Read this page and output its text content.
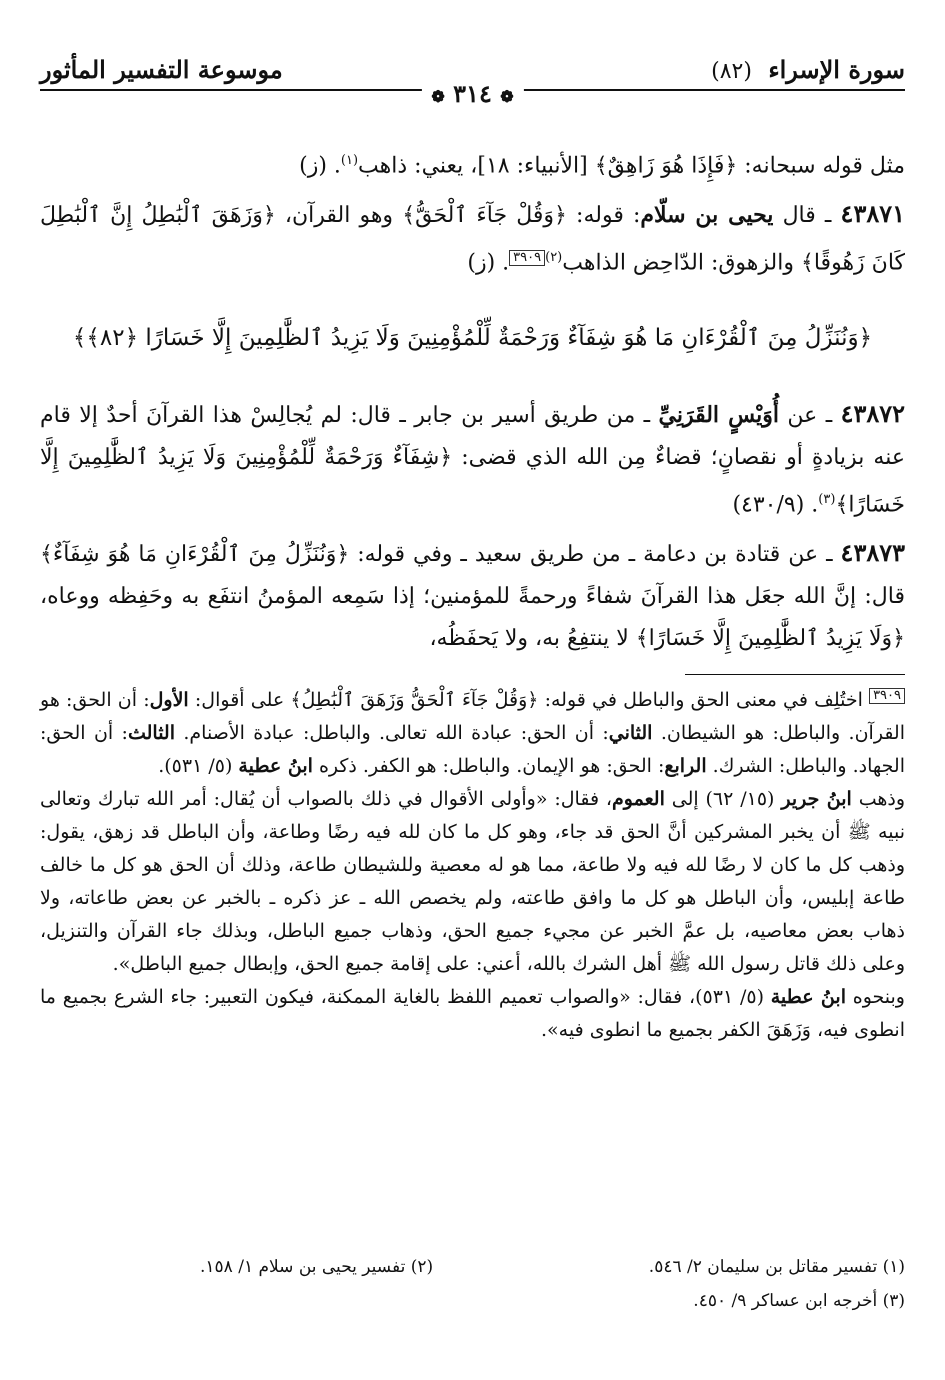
سورة الإسراء (٨٢)
موسوعة التفسير المأثور
❁ ٣١٤ ❁

مثل قوله سبحانه: ﴿فَإِذَا هُوَ زَاهِقٌ﴾ [الأنبياء: ١٨]، يعني: ذاهب$^{(١)}$. (ز)

٤٣٨٧١ ـ قال يحيى بن سلّام: قوله: ﴿وَقُلْ جَآءَ ٱلْحَقُّ﴾ وهو القرآن، ﴿وَزَهَقَ ٱلْبَٰطِلُ إِنَّ ٱلْبَٰطِلَ كَانَ زَهُوقًا﴾ والزهوق: الدّاحِض الذاهب$^{(٢)}$٣٩٠٩. (ز)

﴿وَنُنَزِّلُ مِنَ ٱلْقُرْءَانِ مَا هُوَ شِفَآءٌ وَرَحْمَةٌ لِّلْمُؤْمِنِينَ وَلَا يَزِيدُ ٱلظَّٰلِمِينَ إِلَّا خَسَارًا ﴿٨٢﴾﴾

٤٣٨٧٢ ـ عن أُوَيْسٍ القَرَنِيِّ ـ من طريق أسير بن جابر ـ قال: لم يُجالِسْ هذا القرآنَ أحدٌ إلا قام عنه بزيادةٍ أو نقصانٍ؛ قضاءٌ مِن الله الذي قضى: ﴿شِفَآءٌ وَرَحْمَةٌ لِّلْمُؤْمِنِينَ وَلَا يَزِيدُ ٱلظَّٰلِمِينَ إِلَّا خَسَارًا﴾$^{(٣)}$. (٤٣٠/٩)

٤٣٨٧٣ ـ عن قتادة بن دعامة ـ من طريق سعيد ـ وفي قوله: ﴿وَنُنَزِّلُ مِنَ ٱلْقُرْءَانِ مَا هُوَ شِفَآءٌ﴾ قال: إنَّ الله جعَل هذا القرآنَ شفاءً ورحمةً للمؤمنين؛ إذا سَمِعه المؤمنُ انتفَع به وحَفِظه ووعاه، ﴿وَلَا يَزِيدُ ٱلظَّٰلِمِينَ إِلَّا خَسَارًا﴾ لا ينتفِعُ به، ولا يَحفَظُه،

٣٩٠٩ اختُلِف في معنى الحق والباطل في قوله: ﴿وَقُلْ جَآءَ ٱلْحَقُّ وَزَهَقَ ٱلْبَٰطِلُ﴾ على أقوال: الأول: أن الحق: هو القرآن. والباطل: هو الشيطان. الثاني: أن الحق: عبادة الله تعالى. والباطل: عبادة الأصنام. الثالث: أن الحق: الجهاد. والباطل: الشرك. الرابع: الحق: هو الإيمان. والباطل: هو الكفر. ذكره ابنُ عطية (٥/ ٥٣١).

وذهب ابنُ جرير (١٥/ ٦٢) إلى العموم، فقال: «وأولى الأقوال في ذلك بالصواب أن يُقال: أمر الله تبارك وتعالى نبيه ﷺ أن يخبر المشركين أنَّ الحق قد جاء، وهو كل ما كان لله فيه رضًا وطاعة، وأن الباطل قد زهق، يقول: وذهب كل ما كان لا رضًا لله فيه ولا طاعة، مما هو له معصية وللشيطان طاعة، وذلك أن الحق هو كل ما خالف طاعة إبليس، وأن الباطل هو كل ما وافق طاعته، ولم يخصص الله ـ عز ذكره ـ بالخبر عن بعض طاعاته، ولا ذهاب بعض معاصيه، بل عمَّ الخبر عن مجيء جميع الحق، وذهاب جميع الباطل، وبذلك جاء القرآن والتنزيل، وعلى ذلك قاتل رسول الله ﷺ أهل الشرك بالله، أعني: على إقامة جميع الحق، وإبطال جميع الباطل».

وبنحوه ابنُ عطية (٥/ ٥٣١)، فقال: «والصواب تعميم اللفظ بالغاية الممكنة، فيكون التعبير: جاء الشرع بجميع ما انطوى فيه، وَزَهَقَ الكفر بجميع ما انطوى فيه».

(١) تفسير مقاتل بن سليمان ٢/ ٥٤٦.
(٢) تفسير يحيى بن سلام ١/ ١٥٨.
(٣) أخرجه ابن عساكر ٩/ ٤٥٠.
